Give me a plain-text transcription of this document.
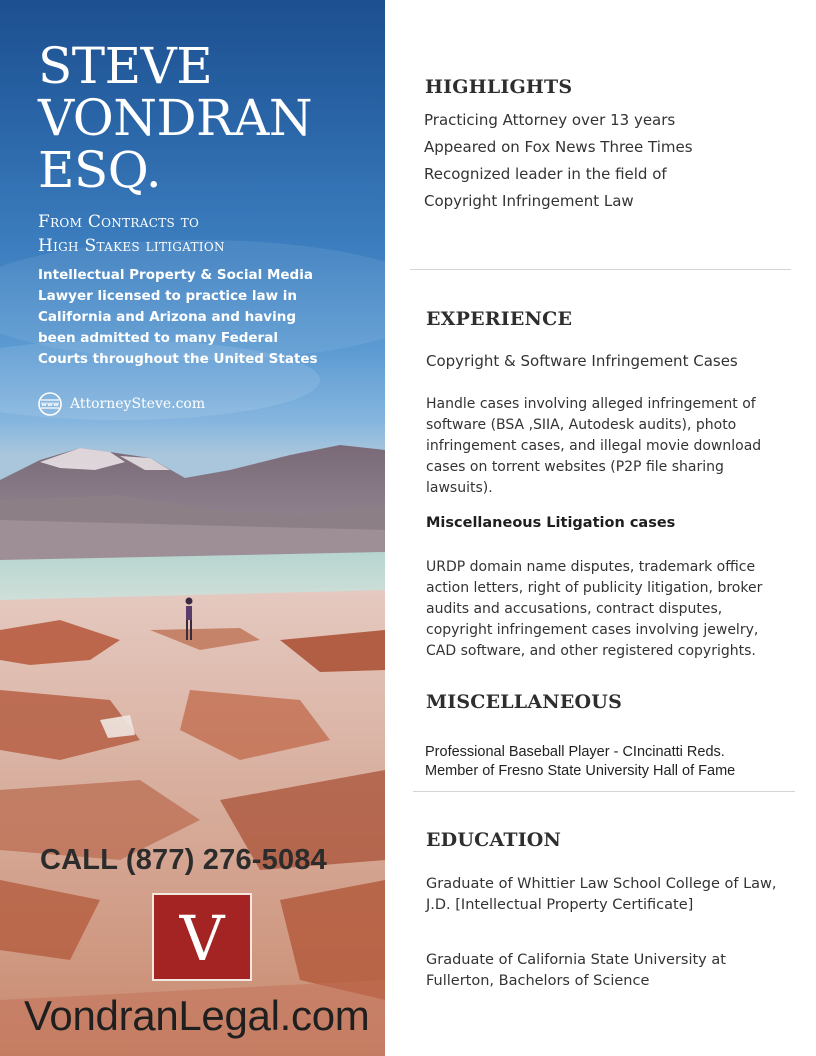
STEVE
VONDRAN
ESQ.
From Contracts to
High Stakes litigation
Intellectual Property & Social Media Lawyer licensed to practice law in California and Arizona and having been admitted to many Federal Courts throughout the United States
www AttorneySteve.com
CALL (877) 276-5084
V
VondranLegal.com
HIGHLIGHTS
Practicing Attorney over 13 years
Appeared on Fox News Three Times
Recognized leader in the field of
Copyright Infringement Law
EXPERIENCE
Copyright & Software Infringement Cases
Handle cases involving alleged infringement of software (BSA ,SIIA, Autodesk audits), photo infringement cases, and illegal movie download cases on torrent websites (P2P file sharing lawsuits).
Miscellaneous Litigation cases
URDP domain name disputes, trademark office action letters, right of publicity litigation, broker audits and accusations, contract disputes, copyright infringement cases involving jewelry, CAD software, and other registered copyrights.
MISCELLANEOUS
Professional Baseball Player - CIncinatti Reds.
Member of Fresno State University Hall of Fame
EDUCATION
Graduate of Whittier Law School College of Law, J.D. [Intellectual Property Certificate]
Graduate of California State University at Fullerton, Bachelors of Science
